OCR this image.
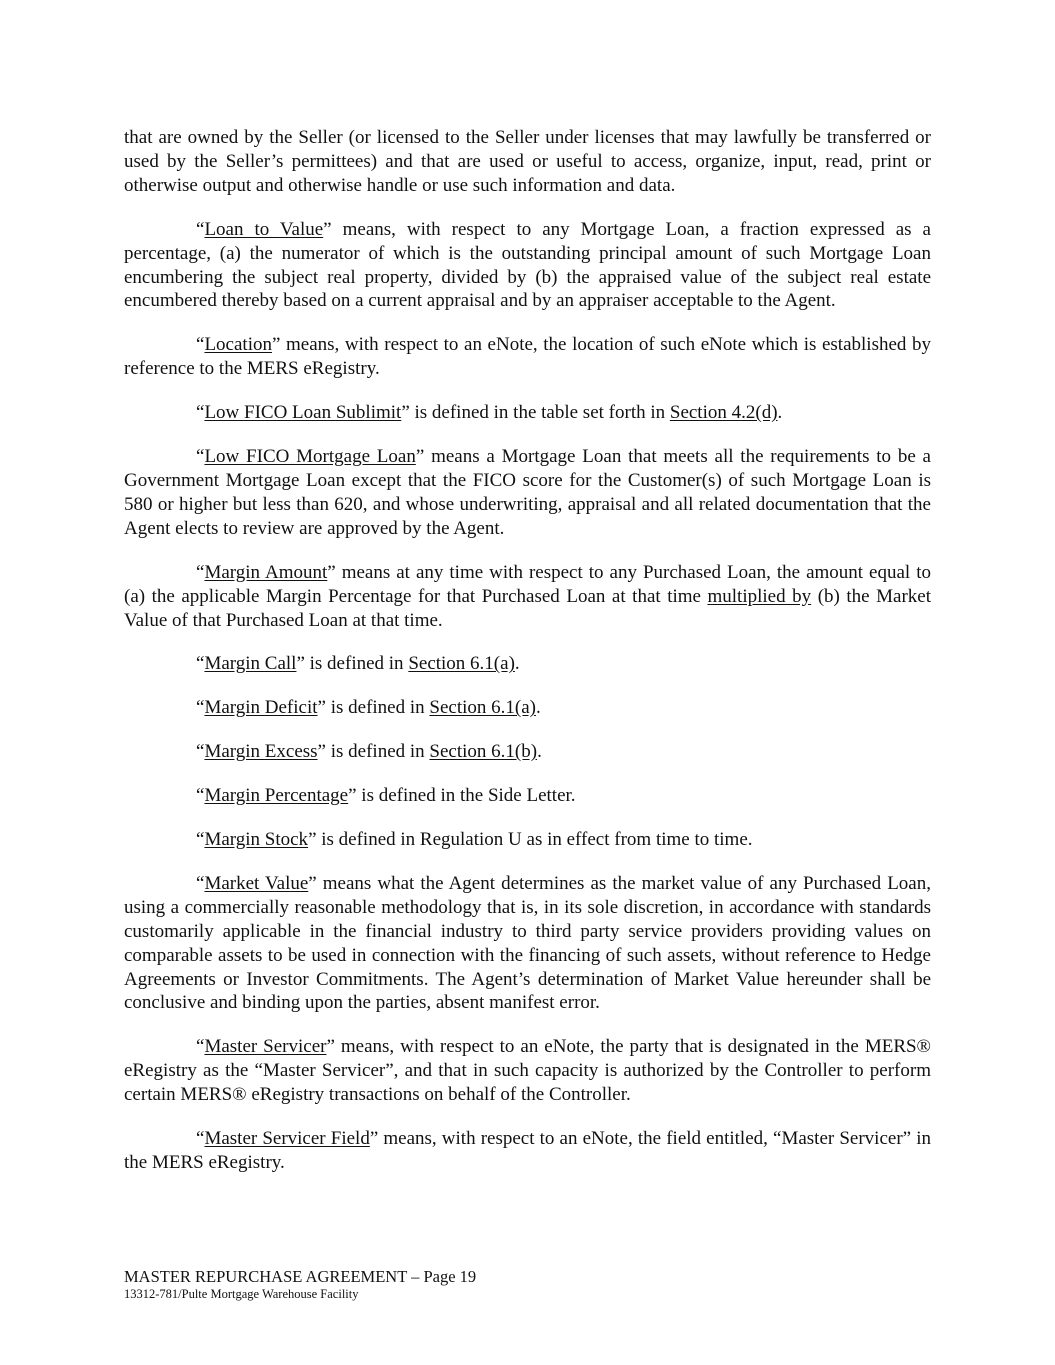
that are owned by the Seller (or licensed to the Seller under licenses that may lawfully be transferred or used by the Seller’s permittees) and that are used or useful to access, organize, input, read, print or otherwise output and otherwise handle or use such information and data.

“Loan to Value” means, with respect to any Mortgage Loan, a fraction expressed as a percentage, (a) the numerator of which is the outstanding principal amount of such Mortgage Loan encumbering the subject real property, divided by (b) the appraised value of the subject real estate encumbered thereby based on a current appraisal and by an appraiser acceptable to the Agent.

“Location” means, with respect to an eNote, the location of such eNote which is established by reference to the MERS eRegistry.

“Low FICO Loan Sublimit” is defined in the table set forth in Section 4.2(d).

“Low FICO Mortgage Loan” means a Mortgage Loan that meets all the requirements to be a Government Mortgage Loan except that the FICO score for the Customer(s) of such Mortgage Loan is 580 or higher but less than 620, and whose underwriting, appraisal and all related documentation that the Agent elects to review are approved by the Agent.

“Margin Amount” means at any time with respect to any Purchased Loan, the amount equal to (a) the applicable Margin Percentage for that Purchased Loan at that time multiplied by (b) the Market Value of that Purchased Loan at that time.

“Margin Call” is defined in Section 6.1(a).

“Margin Deficit” is defined in Section 6.1(a).

“Margin Excess” is defined in Section 6.1(b).

“Margin Percentage” is defined in the Side Letter.

“Margin Stock” is defined in Regulation U as in effect from time to time.

“Market Value” means what the Agent determines as the market value of any Purchased Loan, using a commercially reasonable methodology that is, in its sole discretion, in accordance with standards customarily applicable in the financial industry to third party service providers providing values on comparable assets to be used in connection with the financing of such assets, without reference to Hedge Agreements or Investor Commitments. The Agent’s determination of Market Value hereunder shall be conclusive and binding upon the parties, absent manifest error.

“Master Servicer” means, with respect to an eNote, the party that is designated in the MERS® eRegistry as the “Master Servicer”, and that in such capacity is authorized by the Controller to perform certain MERS® eRegistry transactions on behalf of the Controller.

“Master Servicer Field” means, with respect to an eNote, the field entitled, “Master Servicer” in the MERS eRegistry.

MASTER REPURCHASE AGREEMENT – Page 19
13312-781/Pulte Mortgage Warehouse Facility
